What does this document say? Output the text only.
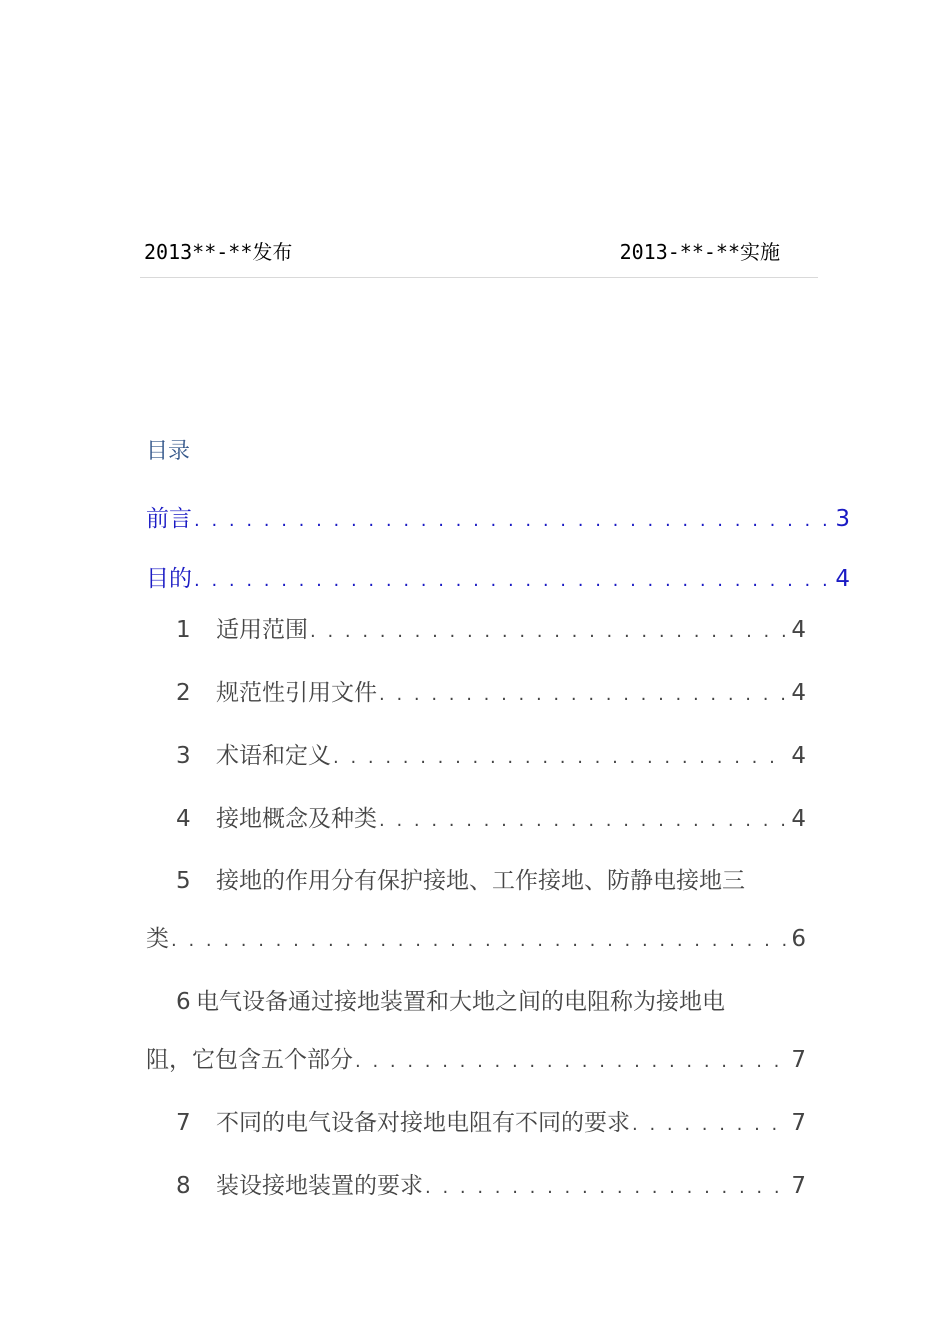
2013**-**发布	2013-**-**实施
目录
前言 . . .	3
目的 . . .	4
1	适用范围 . . .	4
2	规范性引用文件 . . .	4
3	术语和定义 . . .	4
4	接地概念及种类 . . .	4
5	接地的作用分有保护接地、工作接地、防静电接地三
类 . . .	6
6 电气设备通过接地装置和大地之间的电阻称为接地电
阻，它包含五个部分 . . .	7
7	不同的电气设备对接地电阻有不同的要求 . . .	7
8	装设接地装置的要求 . . .	7
